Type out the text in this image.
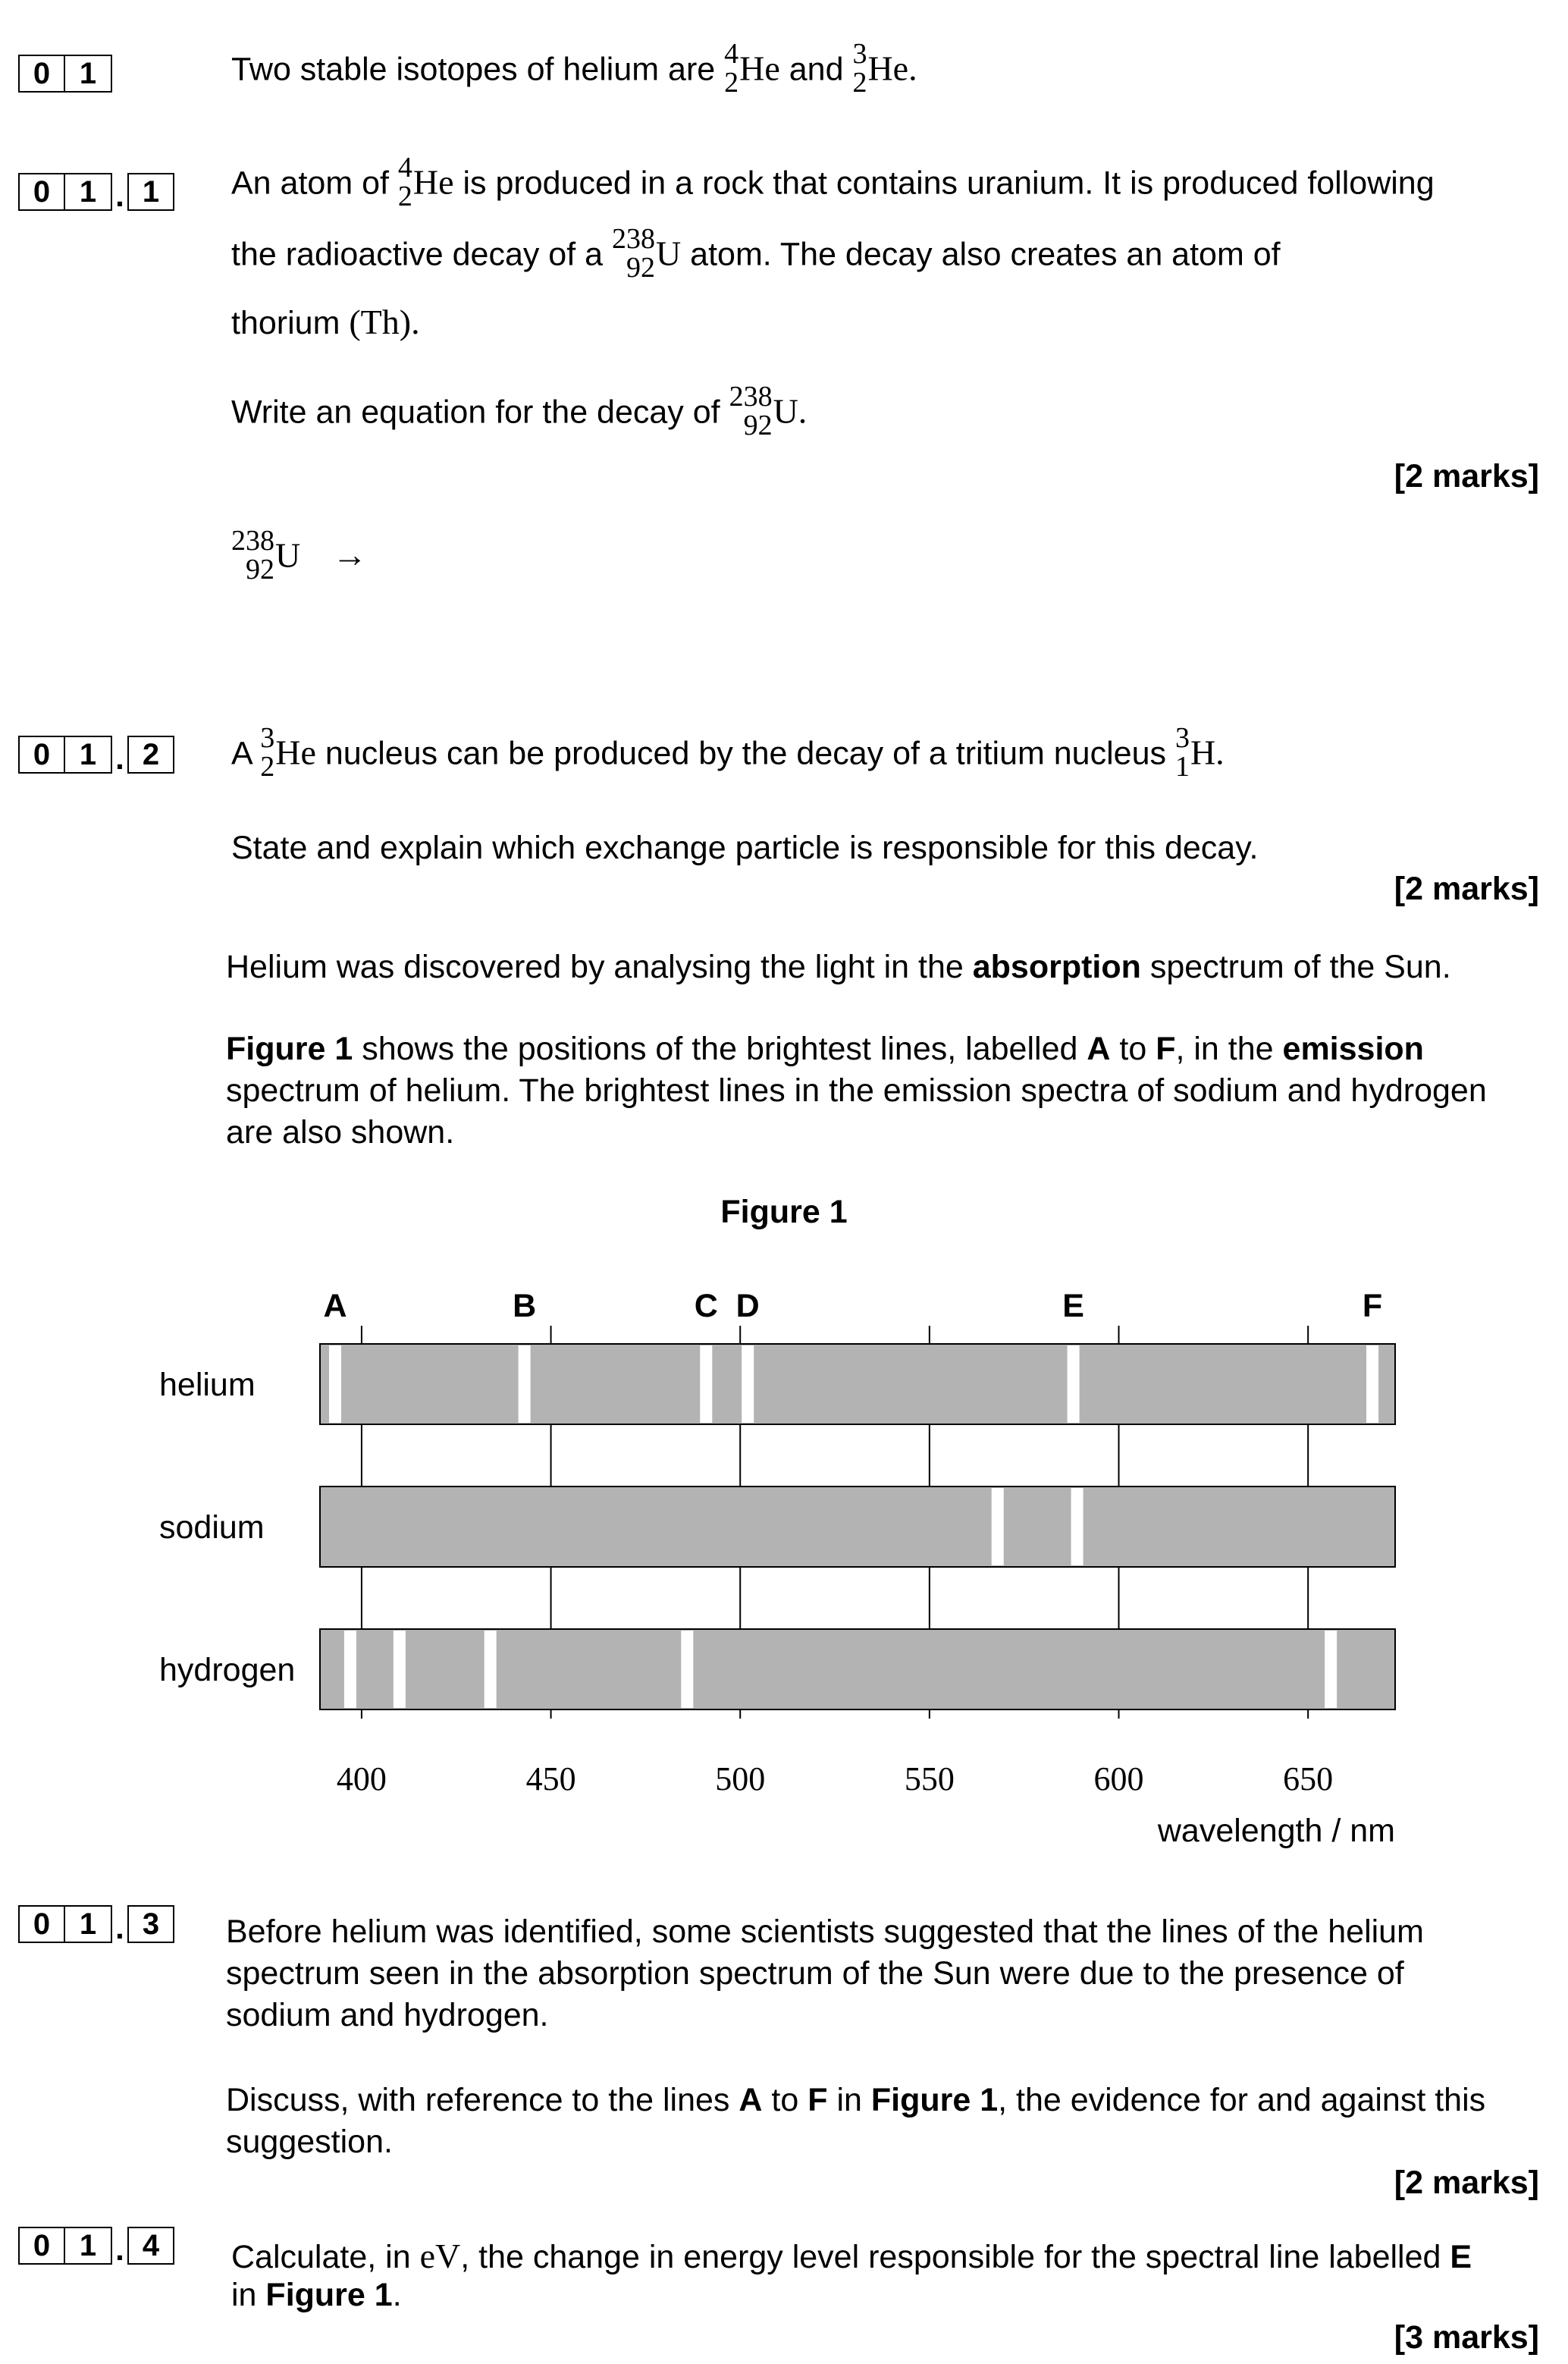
0 1	Two stable isotopes of helium are 4
2 He and 3
2 He.
0 1 . 1	An atom of 4
2 He is produced in a rock that contains uranium. It is produced following
the radioactive decay of a 238
92 U atom. The decay also creates an atom of
thorium (Th).
Write an equation for the decay of 238
92 U.
[2 marks]
238
92 U →
0 1 . 2	A 3
2 He nucleus can be produced by the decay of a tritium nucleus 3
1 H.
State and explain which exchange particle is responsible for this decay.
[2 marks]
Helium was discovered by analysing the light in the absorption spectrum of the Sun.
Figure 1 shows the positions of the brightest lines, labelled A to F, in the emission spectrum of helium. The brightest lines in the emission spectra of sodium and hydrogen are also shown.
Figure 1
helium
sodium
hydrogen
400	450	500	550	600	650
A	B	C D	E	F
wavelength / nm
0 1 . 3	Before helium was identified, some scientists suggested that the lines of the helium spectrum seen in the absorption spectrum of the Sun were due to the presence of sodium and hydrogen.
Discuss, with reference to the lines A to F in Figure 1, the evidence for and against this suggestion.
[2 marks]
0 1 . 4	Calculate, in eV, the change in energy level responsible for the spectral line labelled E
in Figure 1.
[3 marks]
